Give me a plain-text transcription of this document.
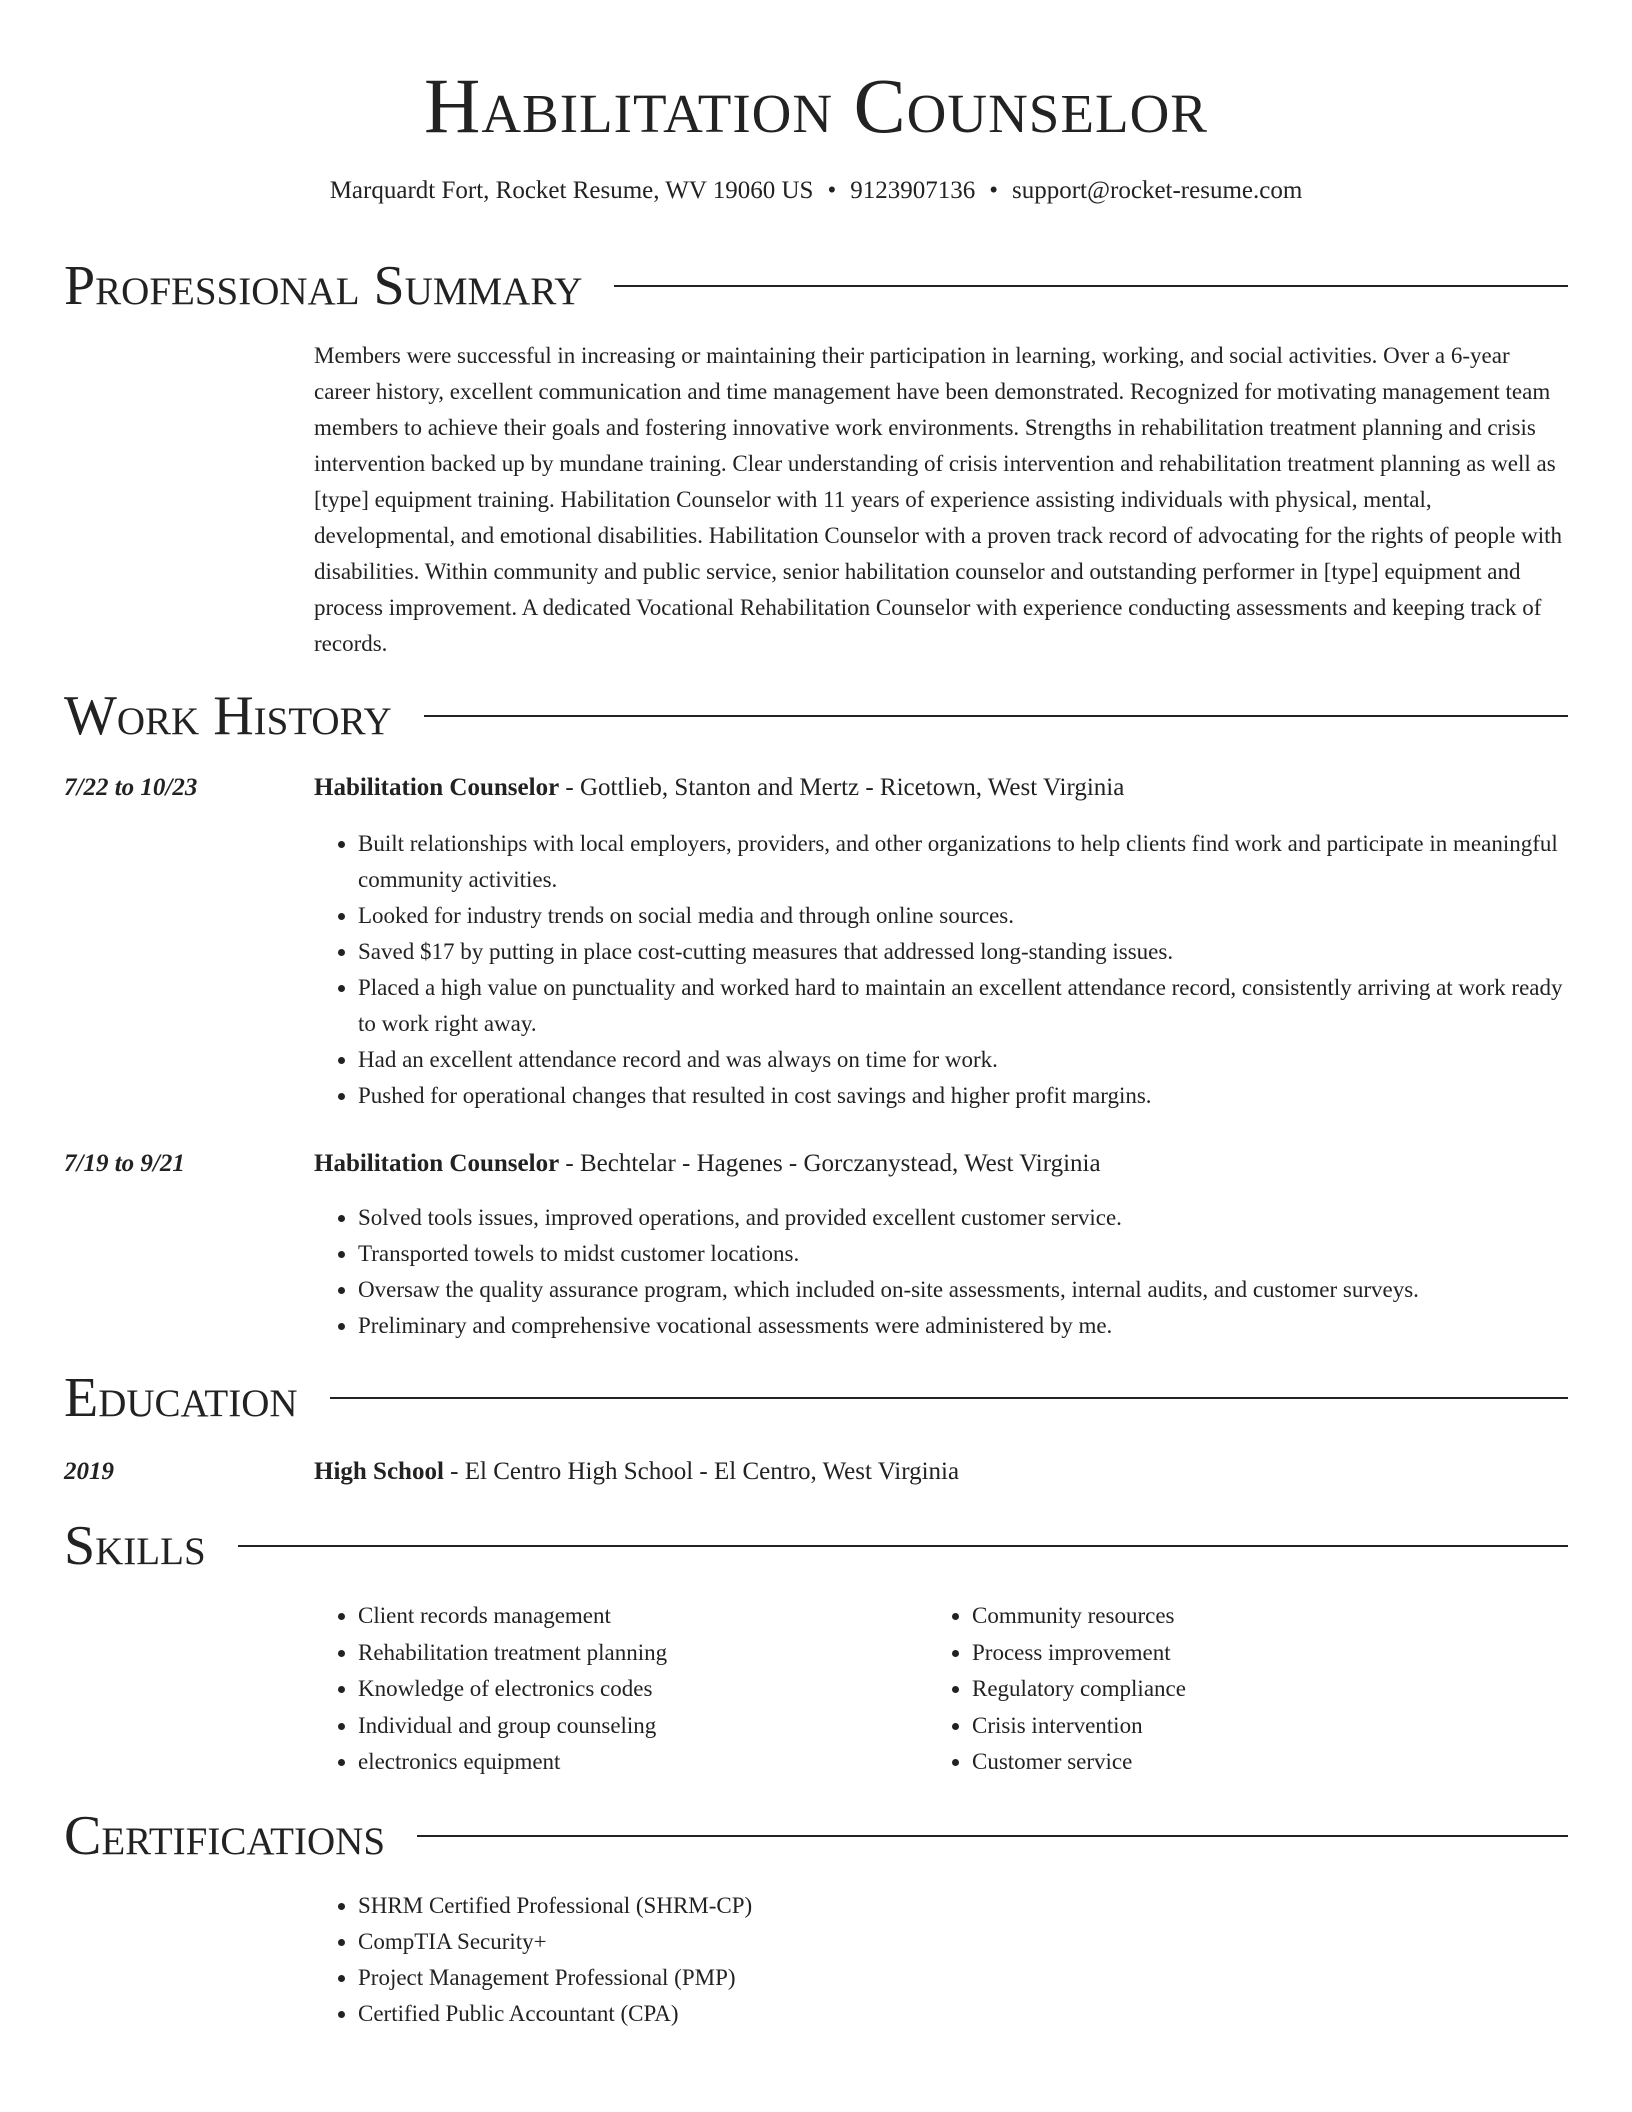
Habilitation Counselor
Marquardt Fort, Rocket Resume, WV 19060 US • 9123907136 • support@rocket-resume.com
Professional Summary
Members were successful in increasing or maintaining their participation in learning, working, and social activities. Over a 6-year career history, excellent communication and time management have been demonstrated. Recognized for motivating management team members to achieve their goals and fostering innovative work environments. Strengths in rehabilitation treatment planning and crisis intervention backed up by mundane training. Clear understanding of crisis intervention and rehabilitation treatment planning as well as [type] equipment training. Habilitation Counselor with 11 years of experience assisting individuals with physical, mental, developmental, and emotional disabilities. Habilitation Counselor with a proven track record of advocating for the rights of people with disabilities. Within community and public service, senior habilitation counselor and outstanding performer in [type] equipment and process improvement. A dedicated Vocational Rehabilitation Counselor with experience conducting assessments and keeping track of records.
Work History
7/22 to 10/23	Habilitation Counselor - Gottlieb, Stanton and Mertz - Ricetown, West Virginia
• Built relationships with local employers, providers, and other organizations to help clients find work and participate in meaningful community activities.
• Looked for industry trends on social media and through online sources.
• Saved $17 by putting in place cost-cutting measures that addressed long-standing issues.
• Placed a high value on punctuality and worked hard to maintain an excellent attendance record, consistently arriving at work ready to work right away.
• Had an excellent attendance record and was always on time for work.
• Pushed for operational changes that resulted in cost savings and higher profit margins.
7/19 to 9/21	Habilitation Counselor - Bechtelar - Hagenes - Gorczanystead, West Virginia
• Solved tools issues, improved operations, and provided excellent customer service.
• Transported towels to midst customer locations.
• Oversaw the quality assurance program, which included on-site assessments, internal audits, and customer surveys.
• Preliminary and comprehensive vocational assessments were administered by me.
Education
2019	High School - El Centro High School - El Centro, West Virginia
Skills
• Client records management
• Rehabilitation treatment planning
• Knowledge of electronics codes
• Individual and group counseling
• electronics equipment
• Community resources
• Process improvement
• Regulatory compliance
• Crisis intervention
• Customer service
Certifications
• SHRM Certified Professional (SHRM-CP)
• CompTIA Security+
• Project Management Professional (PMP)
• Certified Public Accountant (CPA)
